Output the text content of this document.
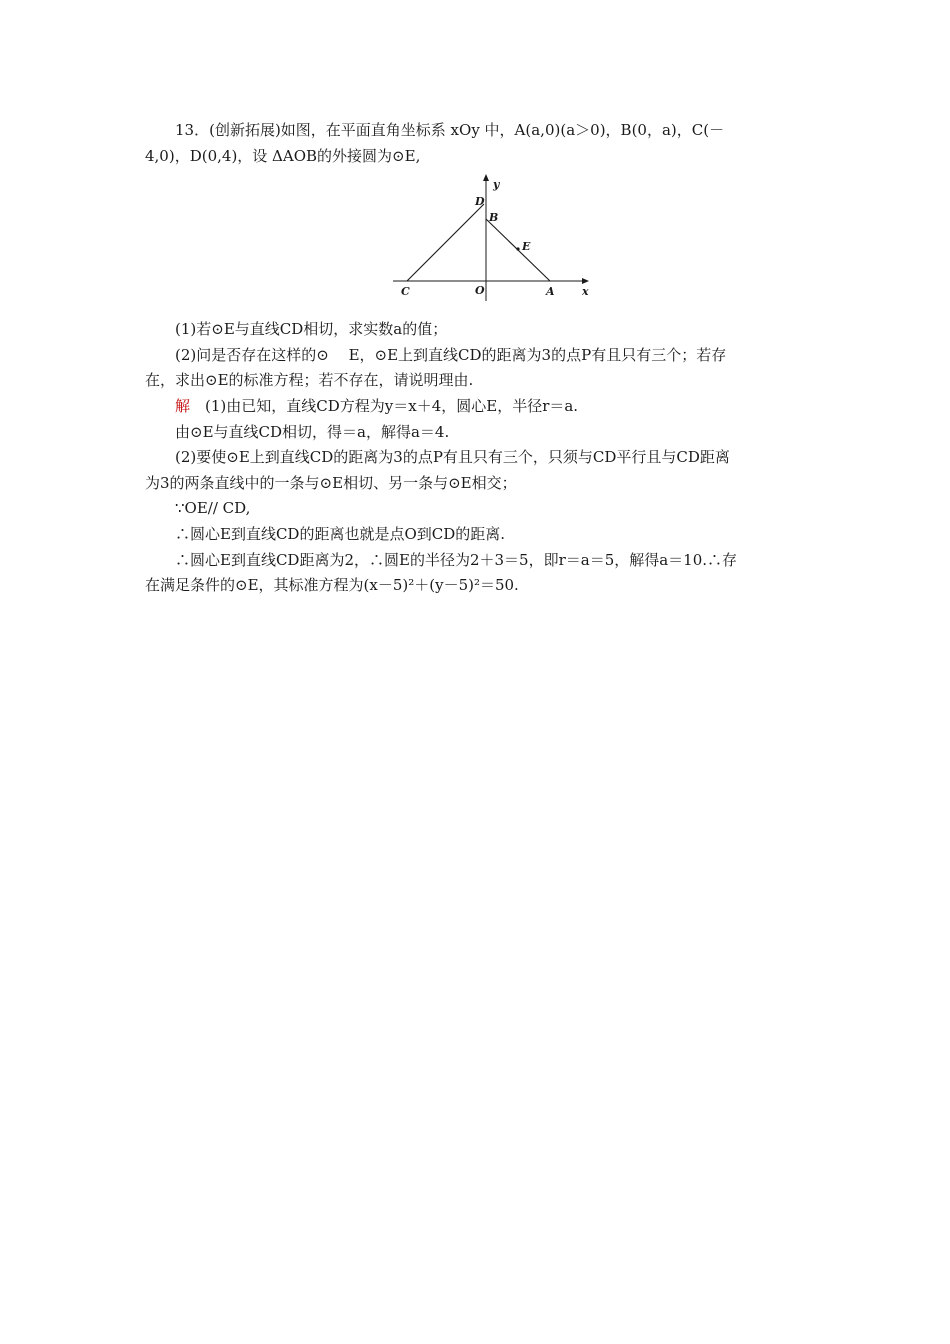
13．(创新拓展)如图，在平面直角坐标系 xOy 中，A(a,0)(a＞0)，B(0，a)，C(－

4,0)，D(0,4)，设 ΔAOB的外接圆为⊙E,

y
D
B
E
C	O	A x

(1)若⊙E与直线CD相切，求实数a的值；

(2)问是否存在这样的⊙　 E，⊙E上到直线CD的距离为3的点P有且只有三个；若存

在，求出⊙E的标准方程；若不存在，请说明理由.

解　(1)由已知，直线CD方程为y＝x＋4，圆心E，半径r＝a.

由⊙E与直线CD相切，得＝a，解得a＝4.

(2)要使⊙E上到直线CD的距离为3的点P有且只有三个，只须与CD平行且与CD距离

为3的两条直线中的一条与⊙E相切、另一条与⊙E相交；

∵OE// CD,

∴圆心E到直线CD的距离也就是点O到CD的距离.

∴圆心E到直线CD距离为2，∴圆E的半径为2＋3＝5，即r＝a＝5，解得a＝10.∴存

在满足条件的⊙E，其标准方程为(x－5)²＋(y－5)²＝50.
